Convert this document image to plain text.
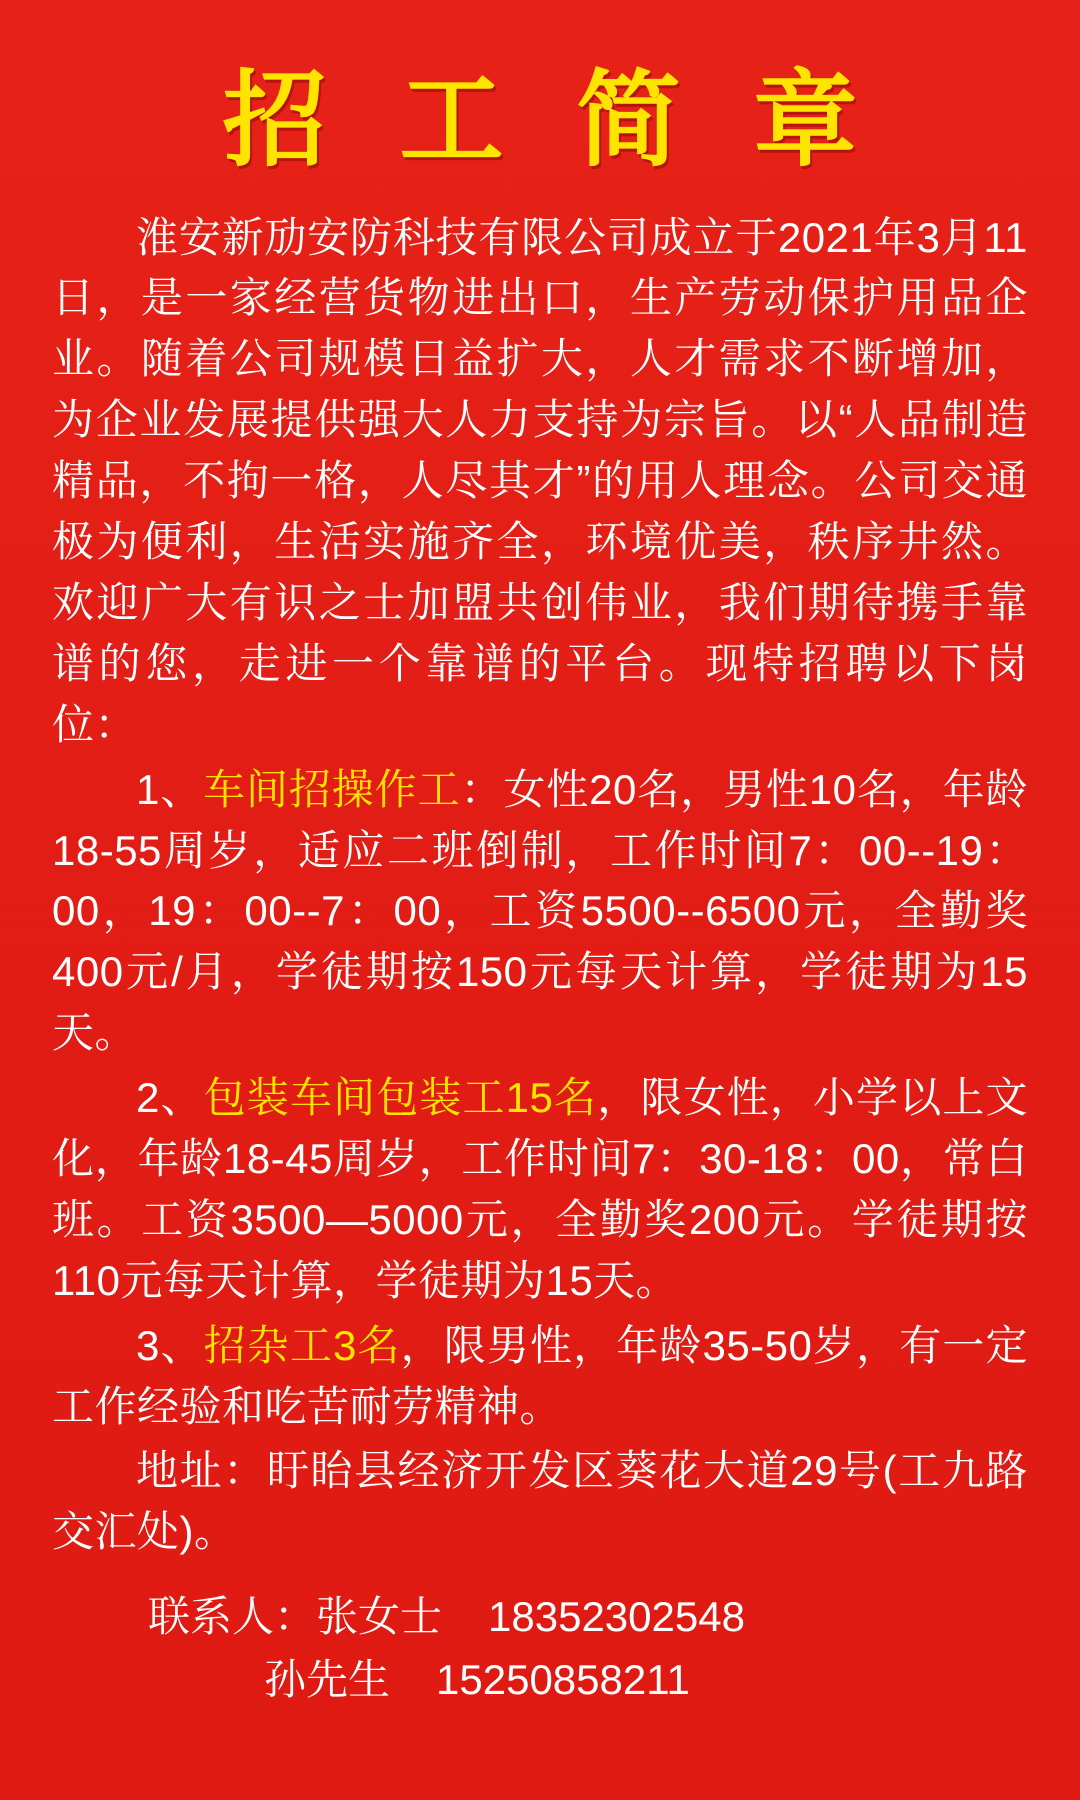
招 工 简 章

淮安新劢安防科技有限公司成立于2021年3月11日，是一家经营货物进出口，生产劳动保护用品企业。随着公司规模日益扩大，人才需求不断增加，为企业发展提供强大人力支持为宗旨。以“人品制造精品，不拘一格，人尽其才”的用人理念。公司交通极为便利，生活实施齐全，环境优美，秩序井然。欢迎广大有识之士加盟共创伟业，我们期待携手靠谱的您，走进一个靠谱的平台。现特招聘以下岗位：

1、车间招操作工：女性20名，男性10名，年龄18-55周岁，适应二班倒制，工作时间7：00--19：00，19：00--7：00，工资5500--6500元，全勤奖400元/月，学徒期按150元每天计算，学徒期为15天。

2、包装车间包装工15名，限女性，小学以上文化，年龄18-45周岁，工作时间7：30-18：00，常白班。工资3500—5000元，全勤奖200元。学徒期按110元每天计算，学徒期为15天。

3、招杂工3名，限男性，年龄35-50岁，有一定工作经验和吃苦耐劳精神。

地址：盱眙县经济开发区葵花大道29号(工九路交汇处)。

联系人：张女士 18352302548
孙先生 15250858211
